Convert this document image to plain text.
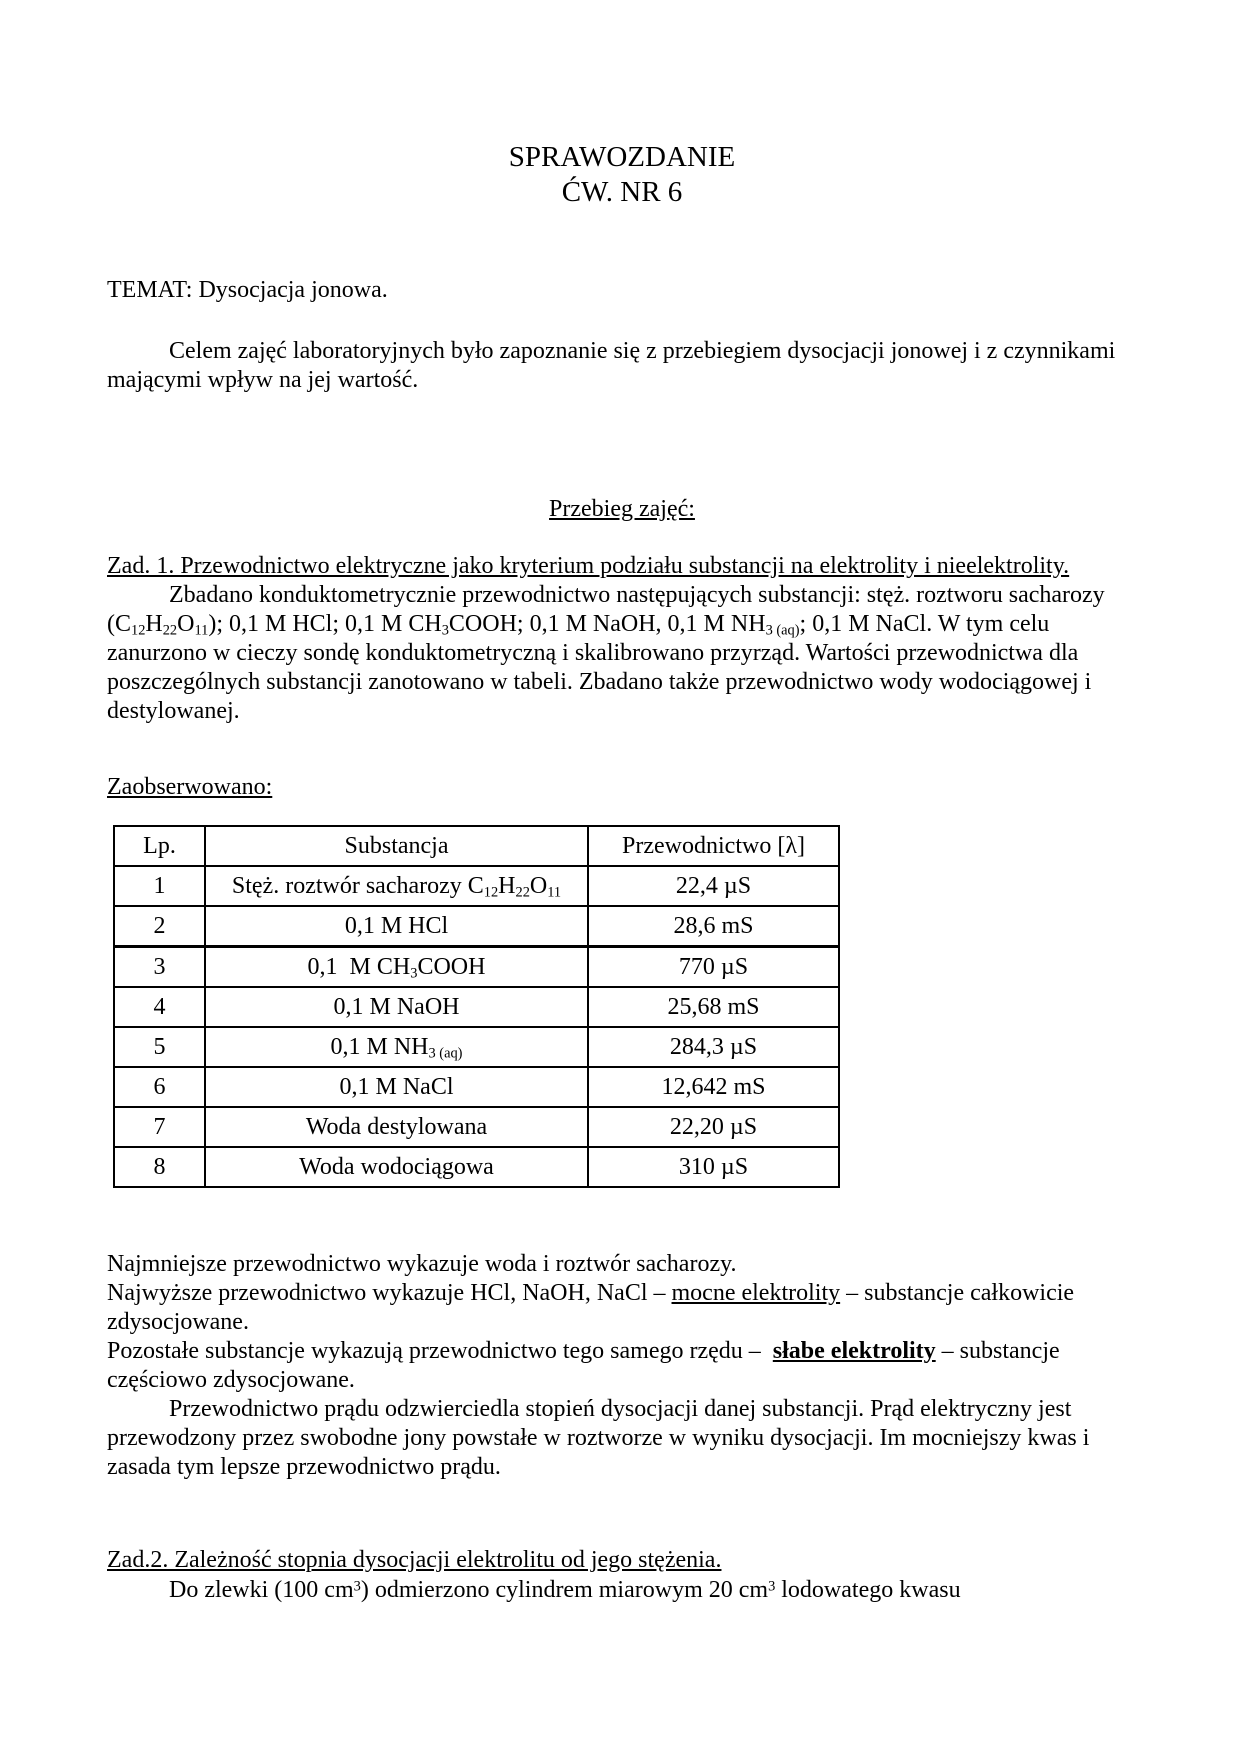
SPRAWOZDANIE
ĆW. NR 6

TEMAT: Dysocjacja jonowa.

Celem zajęć laboratoryjnych było zapoznanie się z przebiegiem dysocjacji jonowej i z czynnikami mającymi wpływ na jej wartość.

Przebieg zajęć:

Zad. 1. Przewodnictwo elektryczne jako kryterium podziału substancji na elektrolity i nieelektrolity.

Zbadano konduktometrycznie przewodnictwo następujących substancji: stęż. roztworu sacharozy $(C_{12}H_{22}O_{11})$; 0,1 M HCl; 0,1 M $CH_3COOH$; 0,1 M NaOH, 0,1 M $NH_{3 (aq)}$; 0,1 M NaCl. W tym celu zanurzono w cieczy sondę konduktometryczną i skalibrowano przyrząd. Wartości przewodnictwa dla poszczególnych substancji zanotowano w tabeli. Zbadano także przewodnictwo wody wodociągowej i destylowanej.

Zaobserwowano:

Lp.	Substancja	Przewodnictwo [λ]
1	Stęż. roztwór sacharozy $C_{12}H_{22}O_{11}$	22,4 µS
2	0,1 M HCl	28,6 mS
3	0,1  M $CH_3COOH$	770 µS
4	0,1 M NaOH	25,68 mS
5	0,1 M $NH_{3 (aq)}$	284,3 µS
6	0,1 M NaCl	12,642 mS
7	Woda destylowana	22,20 µS
8	Woda wodociągowa	310 µS

Najmniejsze przewodnictwo wykazuje woda i roztwór sacharozy.

Najwyższe przewodnictwo wykazuje HCl, NaOH, NaCl – mocne elektrolity – substancje całkowicie zdysocjowane.

Pozostałe substancje wykazują przewodnictwo tego samego rzędu –  słabe elektrolity – substancje częściowo zdysocjowane.

Przewodnictwo prądu odzwierciedla stopień dysocjacji danej substancji. Prąd elektryczny jest przewodzony przez swobodne jony powstałe w roztworze w wyniku dysocjacji. Im mocniejszy kwas i zasada tym lepsze przewodnictwo prądu.

Zad.2. Zależność stopnia dysocjacji elektrolitu od jego stężenia.

Do zlewki (100 $cm^3$) odmierzono cylindrem miarowym 20 $cm^3$ lodowatego kwasu
